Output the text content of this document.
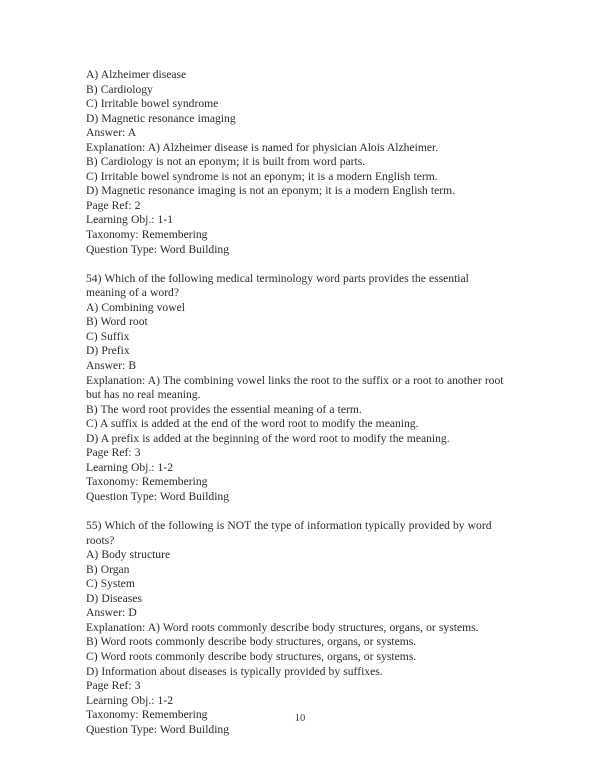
A) Alzheimer disease
B) Cardiology
C) Irritable bowel syndrome
D) Magnetic resonance imaging
Answer: A
Explanation: A) Alzheimer disease is named for physician Alois Alzheimer.
B) Cardiology is not an eponym; it is built from word parts.
C) Irritable bowel syndrome is not an eponym; it is a modern English term.
D) Magnetic resonance imaging is not an eponym; it is a modern English term.
Page Ref: 2
Learning Obj.: 1-1
Taxonomy: Remembering
Question Type: Word Building
54) Which of the following medical terminology word parts provides the essential meaning of a word?
A) Combining vowel
B) Word root
C) Suffix
D) Prefix
Answer: B
Explanation: A) The combining vowel links the root to the suffix or a root to another root but has no real meaning.
B) The word root provides the essential meaning of a term.
C) A suffix is added at the end of the word root to modify the meaning.
D) A prefix is added at the beginning of the word root to modify the meaning.
Page Ref: 3
Learning Obj.: 1-2
Taxonomy: Remembering
Question Type: Word Building
55) Which of the following is NOT the type of information typically provided by word roots?
A) Body structure
B) Organ
C) System
D) Diseases
Answer: D
Explanation: A) Word roots commonly describe body structures, organs, or systems.
B) Word roots commonly describe body structures, organs, or systems.
C) Word roots commonly describe body structures, organs, or systems.
D) Information about diseases is typically provided by suffixes.
Page Ref: 3
Learning Obj.: 1-2
Taxonomy: Remembering
Question Type: Word Building
10
